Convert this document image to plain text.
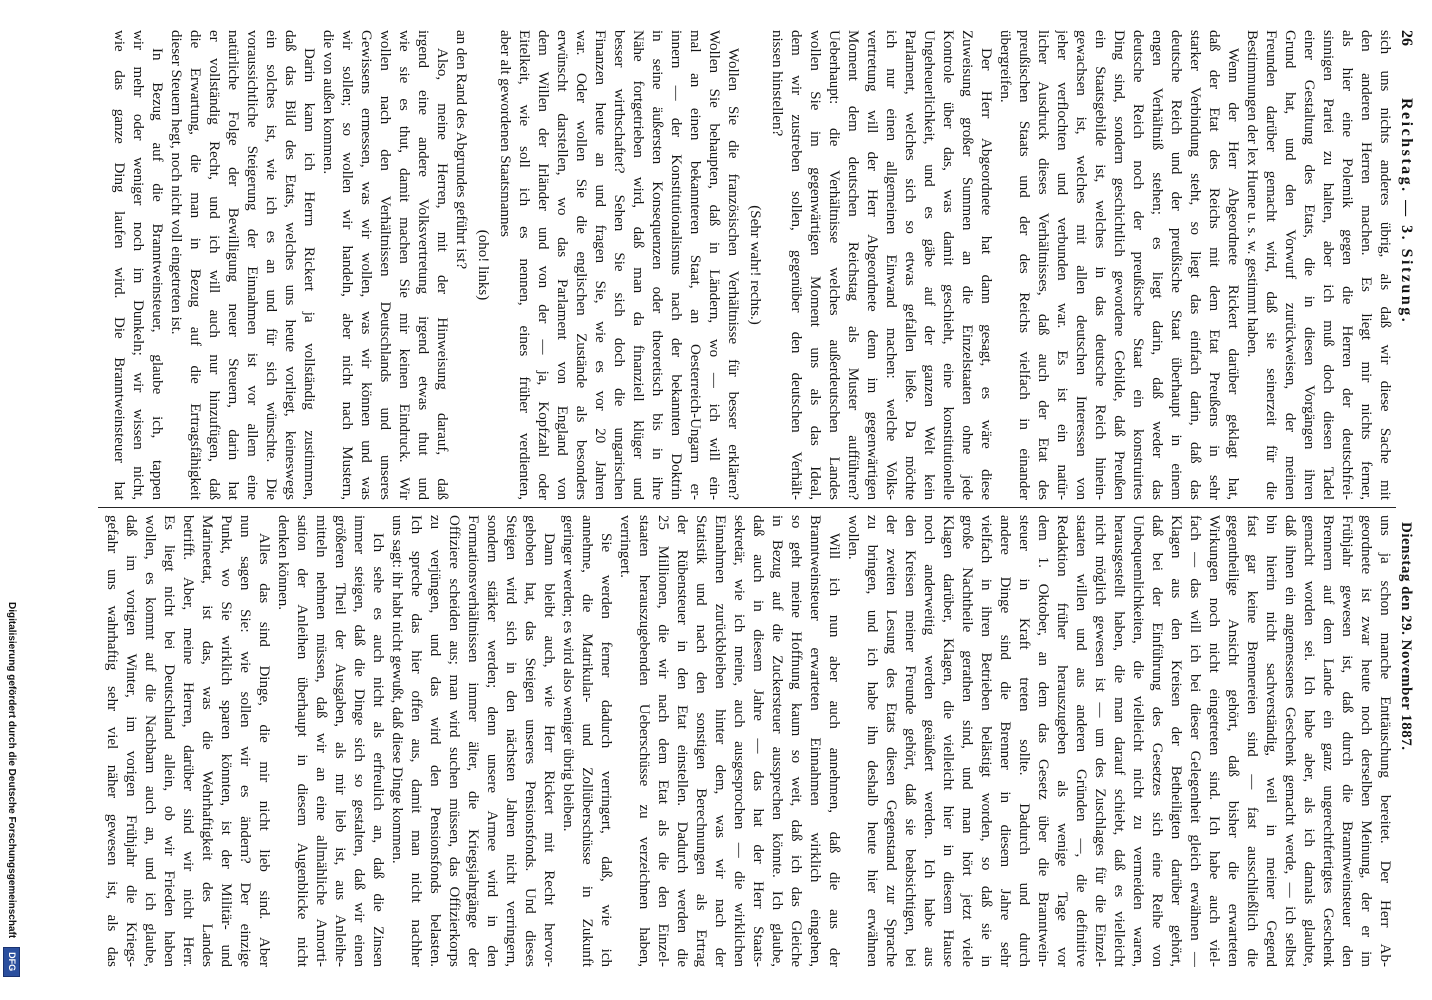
26
Reichstag. — 3. Sitzung.
Dienstag den 29. November 1887.
sich uns nichts anderes übrig, als daß wir diese Sache mit
den anderen Herren machen. Es liegt mir nichts ferner,
als hier eine Polemik gegen die Herren der deutschfrei-
sinnigen Partei zu halten, aber ich muß doch diesen Tadel
einer Gestaltung des Etats, die in diesen Vorgängen ihren
Grund hat, und den Vorwurf zurückweisen, der meinen
Freunden darüber gemacht wird, daß sie seinerzeit für die
Bestimmungen der lex Huene u. s. w. gestimmt haben.
Wenn der Herr Abgeordnete Rickert darüber geklagt hat,
daß der Etat des Reichs mit dem Etat Preußens in sehr
starker Verbindung steht, so liegt das einfach darin, daß das
deutsche Reich und der preußische Staat überhaupt in einem
engen Verhältniß stehen; es liegt darin, daß weder das
deutsche Reich noch der preußische Staat ein konstruirtes
Ding sind, sondern geschichtlich gewordene Gebilde, daß Preußen
ein Staatsgebilde ist, welches in das deutsche Reich hinein-
gewachsen ist, welches mit allen deutschen Interessen von
jeher verflochten und verbunden war. Es ist ein natür-
licher Ausdruck dieses Verhältnisses, daß auch der Etat des
preußischen Staats und der des Reichs vielfach in einander
übergreifen.
Der Herr Abgeordnete hat dann gesagt, es wäre diese
Zuweisung großer Summen an die Einzelstaaten ohne jede
Kontrole über das, was damit geschieht, eine konstitutionelle
Ungeheuerlichkeit, und es gäbe auf der ganzen Welt kein
Parlament, welches sich so etwas gefallen ließe. Da möchte
ich nur einen allgemeinen Einwand machen: welche Volks-
vertretung will der Herr Abgeordnete denn im gegenwärtigen
Moment dem deutschen Reichstag als Muster aufführen?
Ueberhaupt: die Verhältnisse welches außerdeutschen Landes
wollen Sie im gegenwärtigen Moment uns als das Ideal,
dem wir zustreben sollen, gegenüber den deutschen Verhält-
nissen hinstellen?
(Sehr wahr! rechts.)
Wollen Sie die französischen Verhältnisse für besser erklären?
Wollen Sie behaupten, daß in Ländern, wo — ich will ein-
mal an einen bekannteren Staat, an Oesterreich-Ungarn er-
innern — der Konstitutionalismus nach der bekannten Doktrin
in seine äußersten Konsequenzen oder theoretisch bis in ihre
Nähe fortgetrieben wird, daß man da finanziell klüger und
besser wirthschaftet? Sehen Sie sich doch die ungarischen
Finanzen heute an und fragen Sie, wie es vor 20 Jahren
war. Oder wollen Sie die englischen Zustände als besonders
erwünscht darstellen, wo das Parlament von England von
dem Willen der Irländer und von der — ja, Kopfzahl oder
Eitelkeit, wie soll ich es nennen, eines früher verdienten,
aber alt gewordenen Staatsmannes
(oho! links)
an den Rand des Abgrundes geführt ist?
Also, meine Herren, mit der Hinweisung darauf, daß
irgend eine andere Volksvertretung irgend etwas thut und
wie sie es thut, damit machen Sie mir keinen Eindruck. Wir
wollen nach den Verhältnissen Deutschlands und unseres
Gewissens ermessen, was wir wollen, was wir können und was
wir sollen; so wollen wir handeln, aber nicht nach Mustern,
die von außen kommen.
Darin kann ich Herrn Rickert ja vollständig zustimmen,
daß das Bild des Etats, welches uns heute vorliegt, keineswegs
ein solches ist, wie ich es an und für sich wünschte. Die
voraussichtliche Steigerung der Einnahmen ist vor allem eine
natürliche Folge der Bewilligung neuer Steuern, darin hat
er vollständig Recht, und ich will auch nur hinzufügen, daß
die Erwartung, die man in Bezug auf die Ertragsfähigkeit
dieser Steuern hegt, noch nicht voll eingetreten ist.
In Bezug auf die Branntweinsteuer, glaube ich, tappen
wir mehr oder weniger noch im Dunkeln; wir wissen nicht,
wie das ganze Ding laufen wird. Die Branntweinsteuer hat
uns ja schon manche Enttäuschung bereitet. Der Herr Ab-
geordnete ist zwar heute noch derselben Meinung, der er im
Frühjahr gewesen ist, daß durch die Branntweinsteuer den
Brennern auf dem Lande ein ganz ungerechtfertigtes Geschenk
gemacht worden sei. Ich habe aber, als ich damals glaubte,
daß ihnen ein angemessenes Geschenk gemacht werde, — ich selbst
bin hierin nicht sachverständig, weil in meiner Gegend
fast gar keine Brennereien sind — fast ausschließlich die
gegentheilige Ansicht gehört, daß bisher die erwarteten
Wirkungen noch nicht eingetreten sind. Ich habe auch viel-
fach — das will ich bei dieser Gelegenheit gleich erwähnen —
Klagen aus den Kreisen der Betheiligten darüber gehört,
daß bei der Einführung des Gesetzes sich eine Reihe von
Unbequemlichkeiten, die vielleicht nicht zu vermeiden waren,
herausgestellt haben, die man darauf schiebt, daß es vielleicht
nicht möglich gewesen ist — um des Zuschlages für die Einzel-
staaten willen und aus anderen Gründen —, die definitive
Redaktion früher herauszugeben als wenige Tage vor
dem 1. Oktober, an dem das Gesetz über die Branntwein-
steuer in Kraft treten sollte. Dadurch und durch
andere Dinge sind die Brenner in diesem Jahre sehr
vielfach in ihren Betrieben belästigt worden, so daß sie in
große Nachtheile gerathen sind, und man hört jetzt viele
Klagen darüber, Klagen, die vielleicht hier in diesem Hause
noch anderweitig werden geäußert werden. Ich habe aus
den Kreisen meiner Freunde gehört, daß sie beabsichtigen, bei
der zweiten Lesung des Etats diesen Gegenstand zur Sprache
zu bringen, und ich habe ihn deshalb heute hier erwähnen
wollen.
Will ich nun aber auch annehmen, daß die aus der
Branntweinsteuer erwarteten Einnahmen wirklich eingehen,
so geht meine Hoffnung kaum so weit, daß ich das Gleiche
in Bezug auf die Zuckersteuer aussprechen könnte. Ich glaube,
daß auch in diesem Jahre — das hat der Herr Staats-
sekretär, wie ich meine, auch ausgesprochen — die wirklichen
Einnahmen zurückbleiben hinter dem, was wir nach der
Statistik und nach den sonstigen Berechnungen als Ertrag
der Rübensteuer in den Etat einstellen. Dadurch werden die
25 Millionen, die wir nach dem Etat als die den Einzel-
staaten herauszugebenden Ueberschüsse zu verzeichnen haben,
verringert.
Sie werden ferner dadurch verringert, daß, wie ich
annehme, die Matrikular- und Zollüberschüsse in Zukunft
geringer werden; es wird also weniger übrig bleiben.
Dann bleibt auch, wie Herr Rickert mit Recht hervor-
gehoben hat, das Steigen unseres Pensionsfonds. Und dieses
Steigen wird sich in den nächsten Jahren nicht verringern,
sondern stärker werden; denn unsere Armee wird in den
Formationsverhältnissen immer älter, die Kriegsjahrgänge der
Offiziere scheiden aus; man wird suchen müssen, das Offizierkorps
zu verjüngen, und das wird den Pensionsfonds belasten.
Ich spreche das hier offen aus, damit man nicht nachher
uns sagt: ihr habt nicht gewußt, daß diese Dinge kommen.
Ich sehe es auch nicht als erfreulich an, daß die Zinsen
immer steigen, daß die Dinge sich so gestalten, daß wir einen
größeren Theil der Ausgaben, als mir lieb ist, aus Anleihe-
mitteln nehmen müssen, daß wir an eine allmähliche Amorti-
sation der Anleihen überhaupt in diesem Augenblicke nicht
denken können.
Alles das sind Dinge, die mir nicht lieb sind. Aber
nun sagen Sie: wie sollen wir es ändern? Der einzige
Punkt, wo Sie wirklich sparen könnten, ist der Militär- und
Marineetat, ist das, was die Wehrhaftigkeit des Landes
betrifft. Aber, meine Herren, darüber sind wir nicht Herr.
Es liegt nicht bei Deutschland allein, ob wir Frieden haben
wollen, es kommt auf die Nachbarn auch an, und ich glaube,
daß im vorigen Winter, im vorigen Frühjahr die Kriegs-
gefahr uns wahrhaftig sehr viel näher gewesen ist, als das
Digitalisierung gefördert durch die Deutsche Forschungsgemeinschaft DFG
